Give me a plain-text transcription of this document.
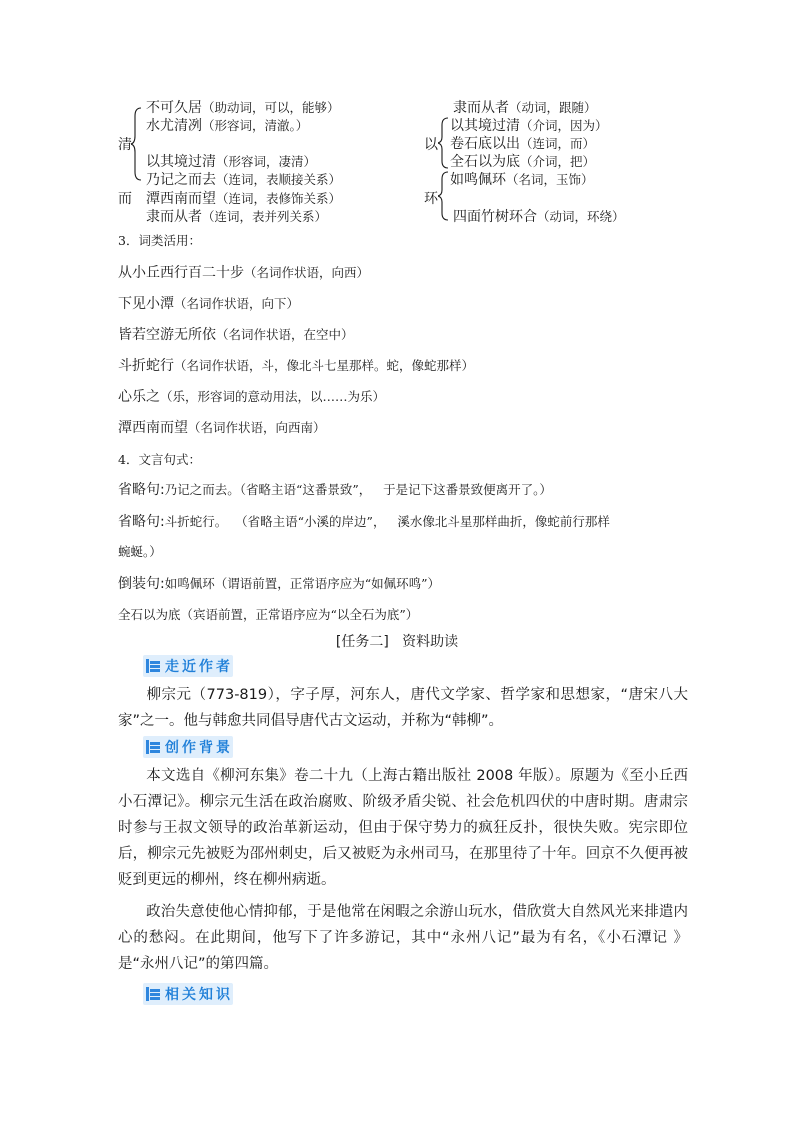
清
而
不可久居（助动词，可以，能够）
水尤清冽（形容词，清澈。）
以其境过清（形容词，凄清）
乃记之而去（连词，表顺接关系）
潭西南而望（连词，表修饰关系）
隶而从者（连词，表并列关系）
以
环
隶而从者（动词，跟随）
以其境过清（介词，因为）
卷石底以出（连词，而）
全石以为底（介词，把）
如鸣佩环（名词，玉饰）
四面竹树环合（动词，环绕）
3．词类活用：
从小丘西行百二十步（名词作状语，向西）
下见小潭（名词作状语，向下）
皆若空游无所依（名词作状语，在空中）
斗折蛇行（名词作状语，斗，像北斗七星那样。蛇，像蛇那样）
心乐之（乐，形容词的意动用法，以……为乐）
潭西南而望（名词作状语，向西南）
4．文言句式：
省略句:乃记之而去。（省略主语“这番景致”，   于是记下这番景致便离开了。）
省略句:斗折蛇行。  （省略主语“小溪的岸边”，   溪水像北斗星那样曲折，像蛇前行那样
蜿蜒。）
倒装句:如鸣佩环（谓语前置，正常语序应为“如佩环鸣”）
全石以为底（宾语前置，正常语序应为“以全石为底”）
[任务二]   资料助读
走近作者
柳宗元（773-819），字子厚，河东人，唐代文学家、哲学家和思想家，“唐宋八大家”之一。他与韩愈共同倡导唐代古文运动，并称为“韩柳”。
创作背景
本文选自《柳河东集》卷二十九（上海古籍出版社 2008 年版）。原题为《至小丘西小石潭记》。柳宗元生活在政治腐败、阶级矛盾尖锐、社会危机四伏的中唐时期。唐肃宗时参与王叔文领导的政治革新运动，但由于保守势力的疯狂反扑，很快失败。宪宗即位后，柳宗元先被贬为邵州刺史，后又被贬为永州司马，在那里待了十年。回京不久便再被贬到更远的柳州，终在柳州病逝。
政治失意使他心情抑郁，于是他常在闲暇之余游山玩水，借欣赏大自然风光来排遣内心的愁闷。在此期间，他写下了许多游记，其中“永州八记”最为有名，《小石潭记 》 是“永州八记”的第四篇。
相关知识
